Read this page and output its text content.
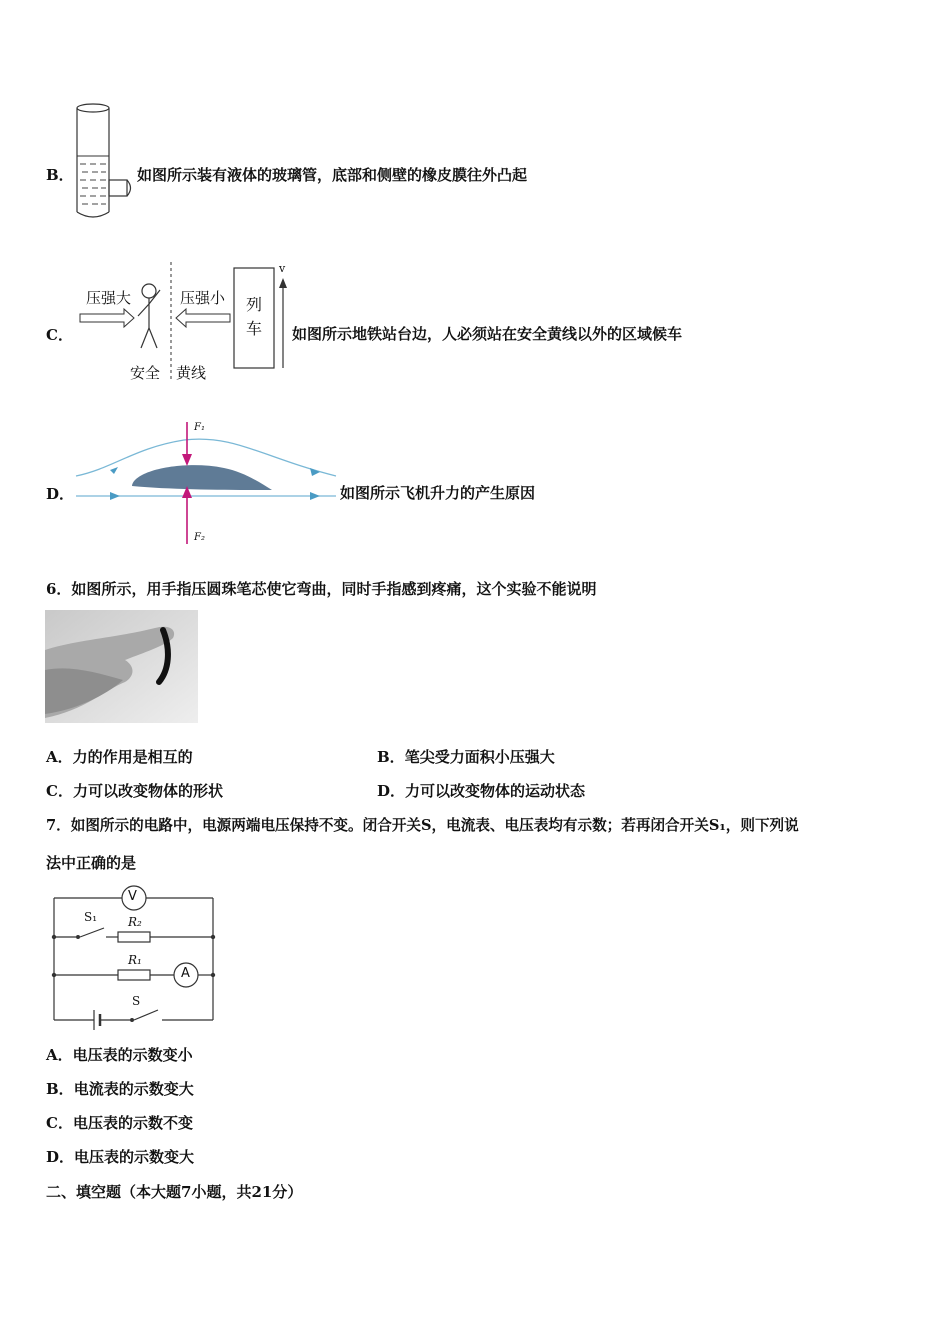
B．	如图所示装有液体的玻璃管，底部和侧壁的橡皮膜往外凸起
C．
压强大	压强小 列
车
安全 黄线
v
如图所示地铁站台边，人必须站在安全黄线以外的区域候车
D．
F₁
F₂
如图所示飞机升力的产生原因
6．如图所示，用手指压圆珠笔芯使它弯曲，同时手指感到疼痛，这个实验不能说明
A．力的作用是相互的	B．笔尖受力面积小压强大
C．力可以改变物体的形状	D．力可以改变物体的运动状态
7．如图所示的电路中，电源两端电压保持不变。闭合开关S，电流表、电压表均有示数；若再闭合开关S₁，则下列说
法中正确的是
V
A
S₁	R₂
R₁
S
A．电压表的示数变小
B．电流表的示数变大
C．电压表的示数不变
D．电压表的示数变大
二、填空题（本大题7小题，共21分）
